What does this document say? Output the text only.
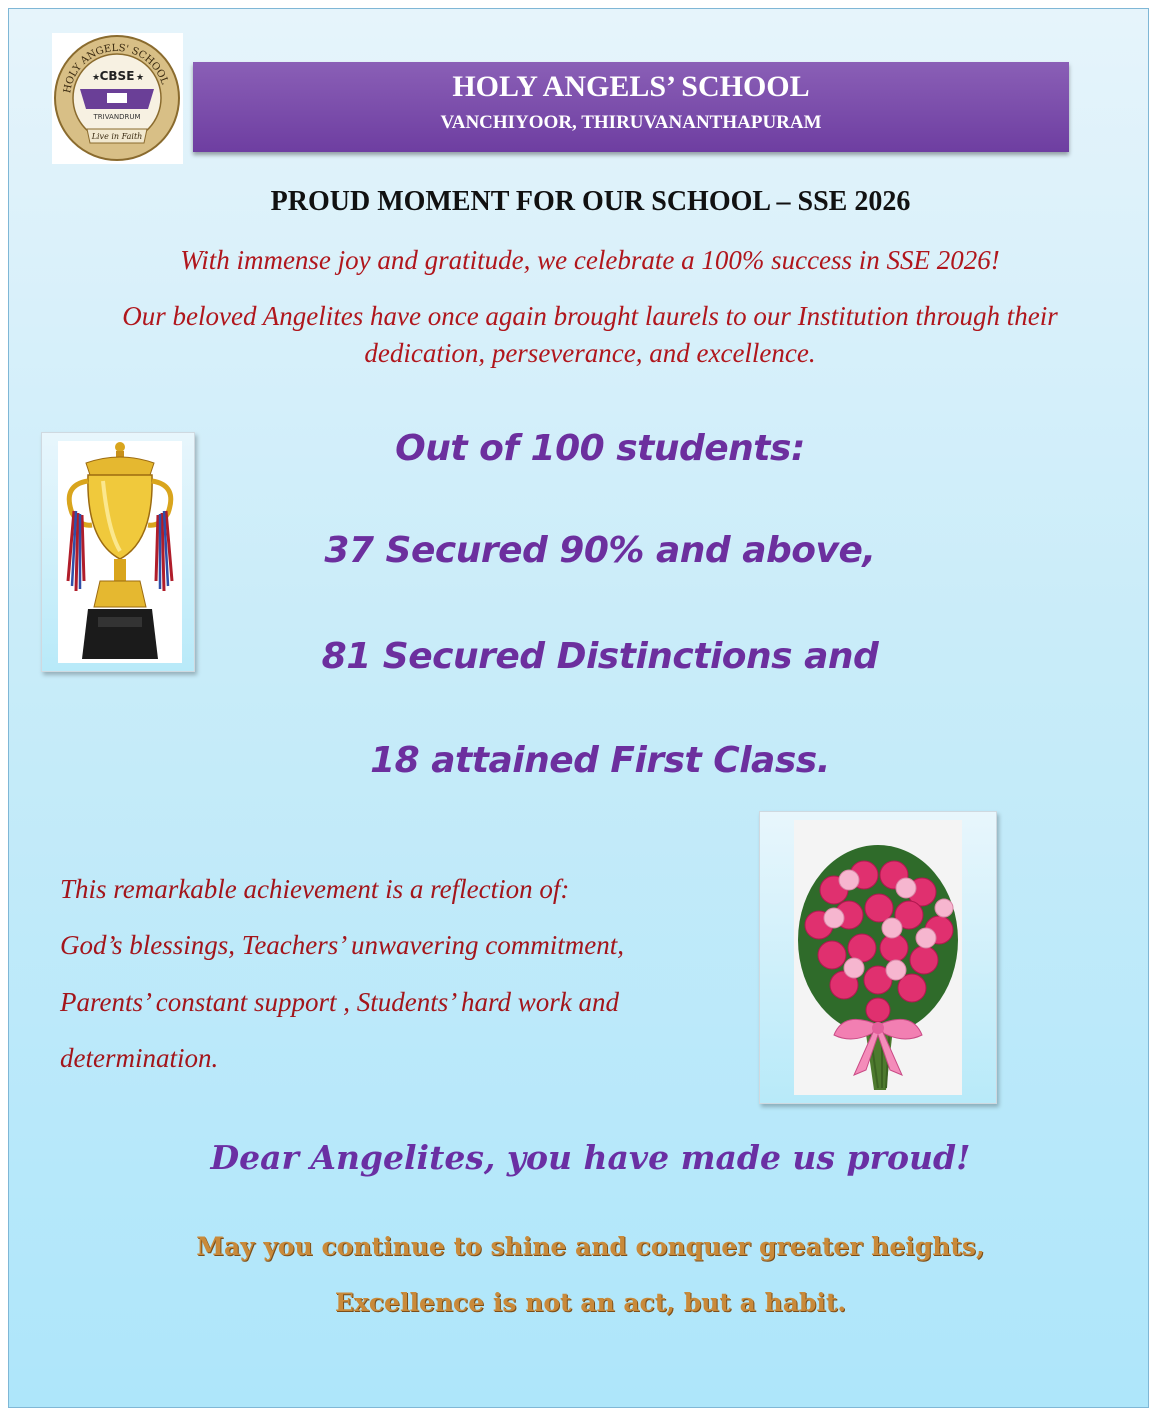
HOLY ANGELS' SCHOOL
CBSE
★	★
TRIVANDRUM
Live in Faith
HOLY ANGELS’ SCHOOL
VANCHIYOOR, THIRUVANANTHAPURAM
PROUD MOMENT FOR OUR SCHOOL – SSE 2026
With immense joy and gratitude, we celebrate a 100% success in SSE 2026!
Our beloved Angelites have once again brought laurels to our Institution through their
dedication, perseverance, and excellence.
Out of 100 students:
37 Secured 90% and above,
81 Secured Distinctions and
18 attained First Class.
This remarkable achievement is a reflection of:
God’s blessings, Teachers’ unwavering commitment,
Parents’ constant support , Students’ hard work and
determination.
Dear Angelites, you have made us proud!
May you continue to shine and conquer greater heights,
Excellence is not an act, but a habit.
